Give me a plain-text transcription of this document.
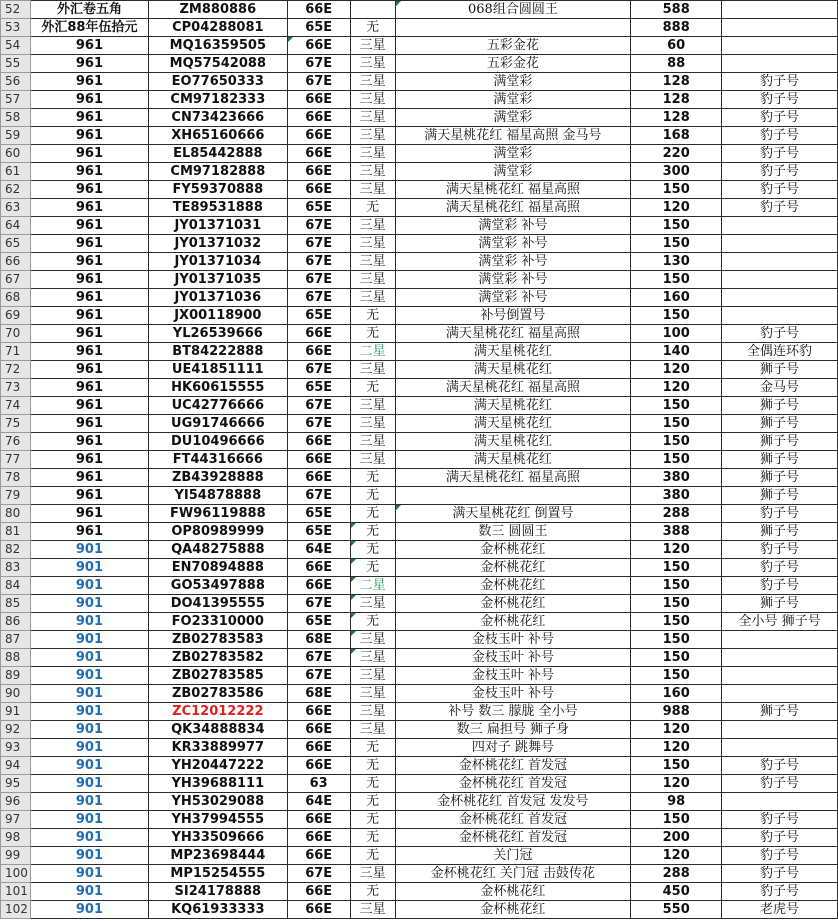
52	外汇卷五角	ZM880886	66E		068组合圆圆王	588	
53	外汇88年伍拾元	CP04288081	65E	无		888	
54	961	MQ16359505	66E	三星	五彩金花	60	
55	961	MQ57542088	67E	三星	五彩金花	88	
56	961	EO77650333	67E	三星	满堂彩	128	豹子号
57	961	CM97182333	66E	三星	满堂彩	128	豹子号
58	961	CN73423666	66E	三星	满堂彩	128	豹子号
59	961	XH65160666	66E	三星	满天星桃花红 福星高照 金马号	168	豹子号
60	961	EL85442888	66E	三星	满堂彩	220	豹子号
61	961	CM97182888	66E	三星	满堂彩	300	豹子号
62	961	FY59370888	66E	三星	满天星桃花红 福星高照	150	豹子号
63	961	TE89531888	65E	无	满天星桃花红 福星高照	120	豹子号
64	961	JY01371031	67E	三星	满堂彩 补号	150	
65	961	JY01371032	67E	三星	满堂彩 补号	150	
66	961	JY01371034	67E	三星	满堂彩 补号	130	
67	961	JY01371035	67E	三星	满堂彩 补号	150	
68	961	JY01371036	67E	三星	满堂彩 补号	160	
69	961	JX00118900	65E	无	补号倒置号	150	
70	961	YL26539666	66E	无	满天星桃花红 福星高照	100	豹子号
71	961	BT84222888	66E	二星	满天星桃花红	140	全偶连环豹
72	961	UE41851111	67E	三星	满天星桃花红	120	狮子号
73	961	HK60615555	65E	无	满天星桃花红 福星高照	120	金马号
74	961	UC42776666	67E	三星	满天星桃花红	150	狮子号
75	961	UG91746666	67E	三星	满天星桃花红	150	狮子号
76	961	DU10496666	66E	三星	满天星桃花红	150	狮子号
77	961	FT44316666	66E	三星	满天星桃花红	150	狮子号
78	961	ZB43928888	66E	无	满天星桃花红 福星高照	380	狮子号
79	961	YI54878888	67E	无		380	狮子号
80	961	FW96119888	65E	无	满天星桃花红 倒置号	288	豹子号
81	961	OP80989999	65E	无	数三 圆圆王	388	狮子号
82	901	QA48275888	64E	无	金杯桃花红	120	豹子号
83	901	EN70894888	66E	无	金杯桃花红	150	豹子号
84	901	GO53497888	66E	二星	金杯桃花红	150	豹子号
85	901	DO41395555	67E	三星	金杯桃花红	150	狮子号
86	901	FO23310000	65E	无	金杯桃花红	150	全小号 狮子号
87	901	ZB02783583	68E	三星	金枝玉叶 补号	150	
88	901	ZB02783582	67E	三星	金枝玉叶 补号	150	
89	901	ZB02783585	67E	三星	金枝玉叶 补号	150	
90	901	ZB02783586	68E	三星	金枝玉叶 补号	160	
91	901	ZC12012222	66E	三星	补号 数三 朦胧 全小号	988	狮子号
92	901	QK34888834	66E	三星	数三 扁担号 狮子身	120	
93	901	KR33889977	66E	无	四对子 跳舞号	120	
94	901	YH20447222	66E	无	金杯桃花红 首发冠	150	豹子号
95	901	YH39688111	63	无	金杯桃花红 首发冠	120	豹子号
96	901	YH53029088	64E	无	金杯桃花红 首发冠 发发号	98	
97	901	YH37994555	66E	无	金杯桃花红 首发冠	150	豹子号
98	901	YH33509666	66E	无	金杯桃花红 首发冠	200	豹子号
99	901	MP23698444	66E	无	关门冠	120	豹子号
100	901	MP15254555	67E	三星	金杯桃花红 关门冠 击鼓传花	288	豹子号
101	901	SI24178888	66E	无	金杯桃花红	450	豹子号
102	901	KQ61933333	66E	三星	金杯桃花红	550	老虎号
